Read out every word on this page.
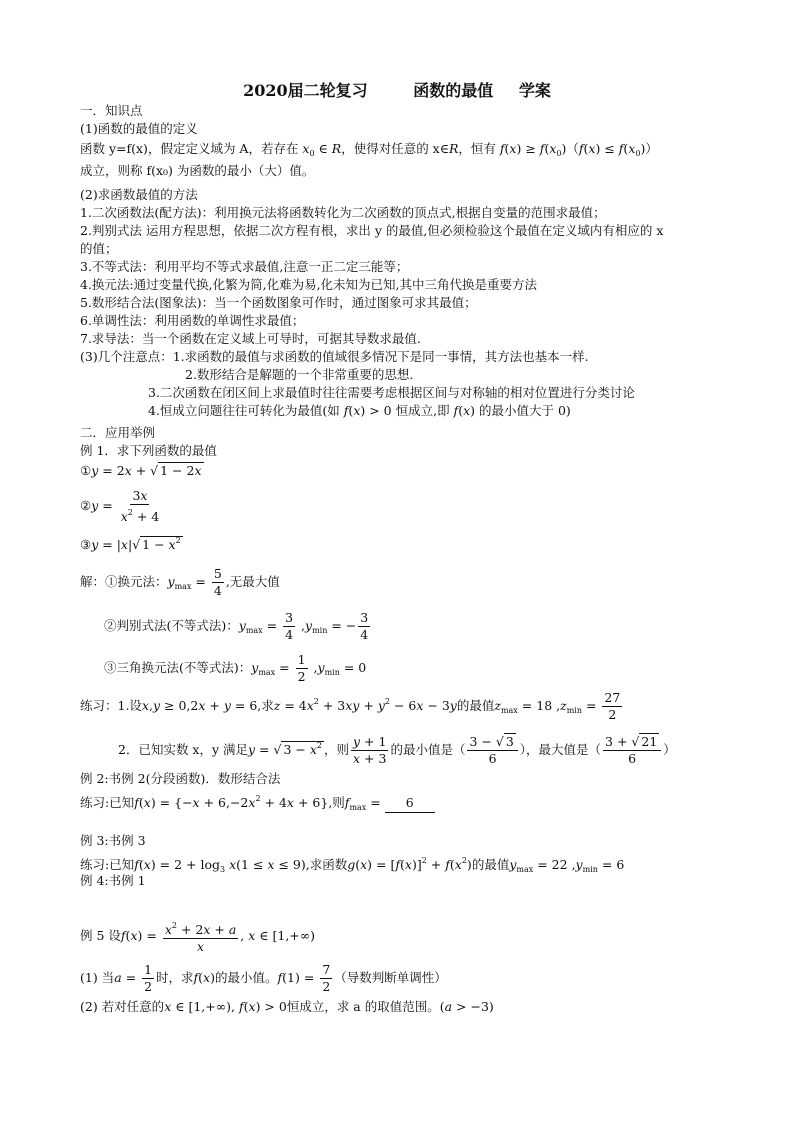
2020届二轮复习	函数的最值 学案
一．知识点
(1)函数的最值的定义
函数 y=f(x)，假定定义域为 A，若存在 $x_0$ ∈ R，使得对任意的 x∈R，恒有 $f(x) \ge f(x_0)(f(x) \le f(x_0))$
成立，则称 f(x₀) 为函数的最小（大）值。
(2)求函数最值的方法
1.二次函数法(配方法)：利用换元法将函数转化为二次函数的顶点式,根据自变量的范围求最值；
2.判别式法 运用方程思想，依据二次方程有根，求出 y 的最值,但必须检验这个最值在定义域内有相应的 x
的值；
3.不等式法：利用平均不等式求最值,注意一正二定三能等；
4.换元法:通过变量代换,化繁为简,化难为易,化未知为已知,其中三角代换是重要方法
5.数形结合法(图象法)：当一个函数图象可作时，通过图象可求其最值；
6.单调性法：利用函数的单调性求最值；
7.求导法：当一个函数在定义域上可导时，可据其导数求最值.
(3)几个注意点：1.求函数的最值与求函数的值域很多情况下是同一事情，其方法也基本一样.
2.数形结合是解题的一个非常重要的思想.
3.二次函数在闭区间上求最值时往往需要考虑根据区间与对称轴的相对位置进行分类讨论
4.恒成立问题往往可转化为最值(如 f(x) > 0 恒成立,即 f(x) 的最小值大于 0)
二．应用举例
例 1．求下列函数的最值
①y = 2x + √ 1 − 2x
②y = $\frac{3x}{x^2 + 4}$
③y = |x|√ $1 - x^2$
解：①换元法：$y_{max} = \frac{5}{4}$ ,无最大值
②判别式法(不等式法)：$y_{max} = \frac{3}{4} ,y_{min}$ = − $\frac{3}{4}$
③三角换元法(不等式法)：$y_{max} = \frac{1}{2} ,y_{min} = 0$
练习：1.设x,y ≥ 0,2x + y = 6,求$z = 4x^2 + 3xy + y^2 - 6x - 3y$的最值$z_{max} = 18$ $,z_{min} = \frac{27}{2}$
2．已知实数 x，y 满足y = √ $3 - x^2$ ，则 $\frac{y + 1}{x + 3}$ 的最小值是（ $\frac{3 - √ 3}{6}$ ），最大值是（ $\frac{3 + √ 21}{6}$ ）
例 2:书例 2(分段函数)．数形结合法
练习:已知$f(x) = \{-x + 6,-2x^2 + 4x + 6\}$,则$f_{max} = 6$
例 3:书例 3
练习:已知$f(x) = 2 + \log_3 x(1 \le x \le 9)$,求函数$g(x) = [f(x)]^2 + f(x^2)$的最值$y_{max} = 22$ $,y_{min} = 6$
例 4:书例 1
例 5 设$f(x) = \frac{x^2 + 2x + a}{x}$ , x ∈ [1,+∞)
(1) 当$a = \frac{1}{2}$ 时，求f(x)的最小值。$f(1) = \frac{7}{2}$ （导数判断单调性）
(2) 若对任意的x ∈ [1,+∞), f(x) > 0恒成立，求 a 的取值范围。(a > −3)
